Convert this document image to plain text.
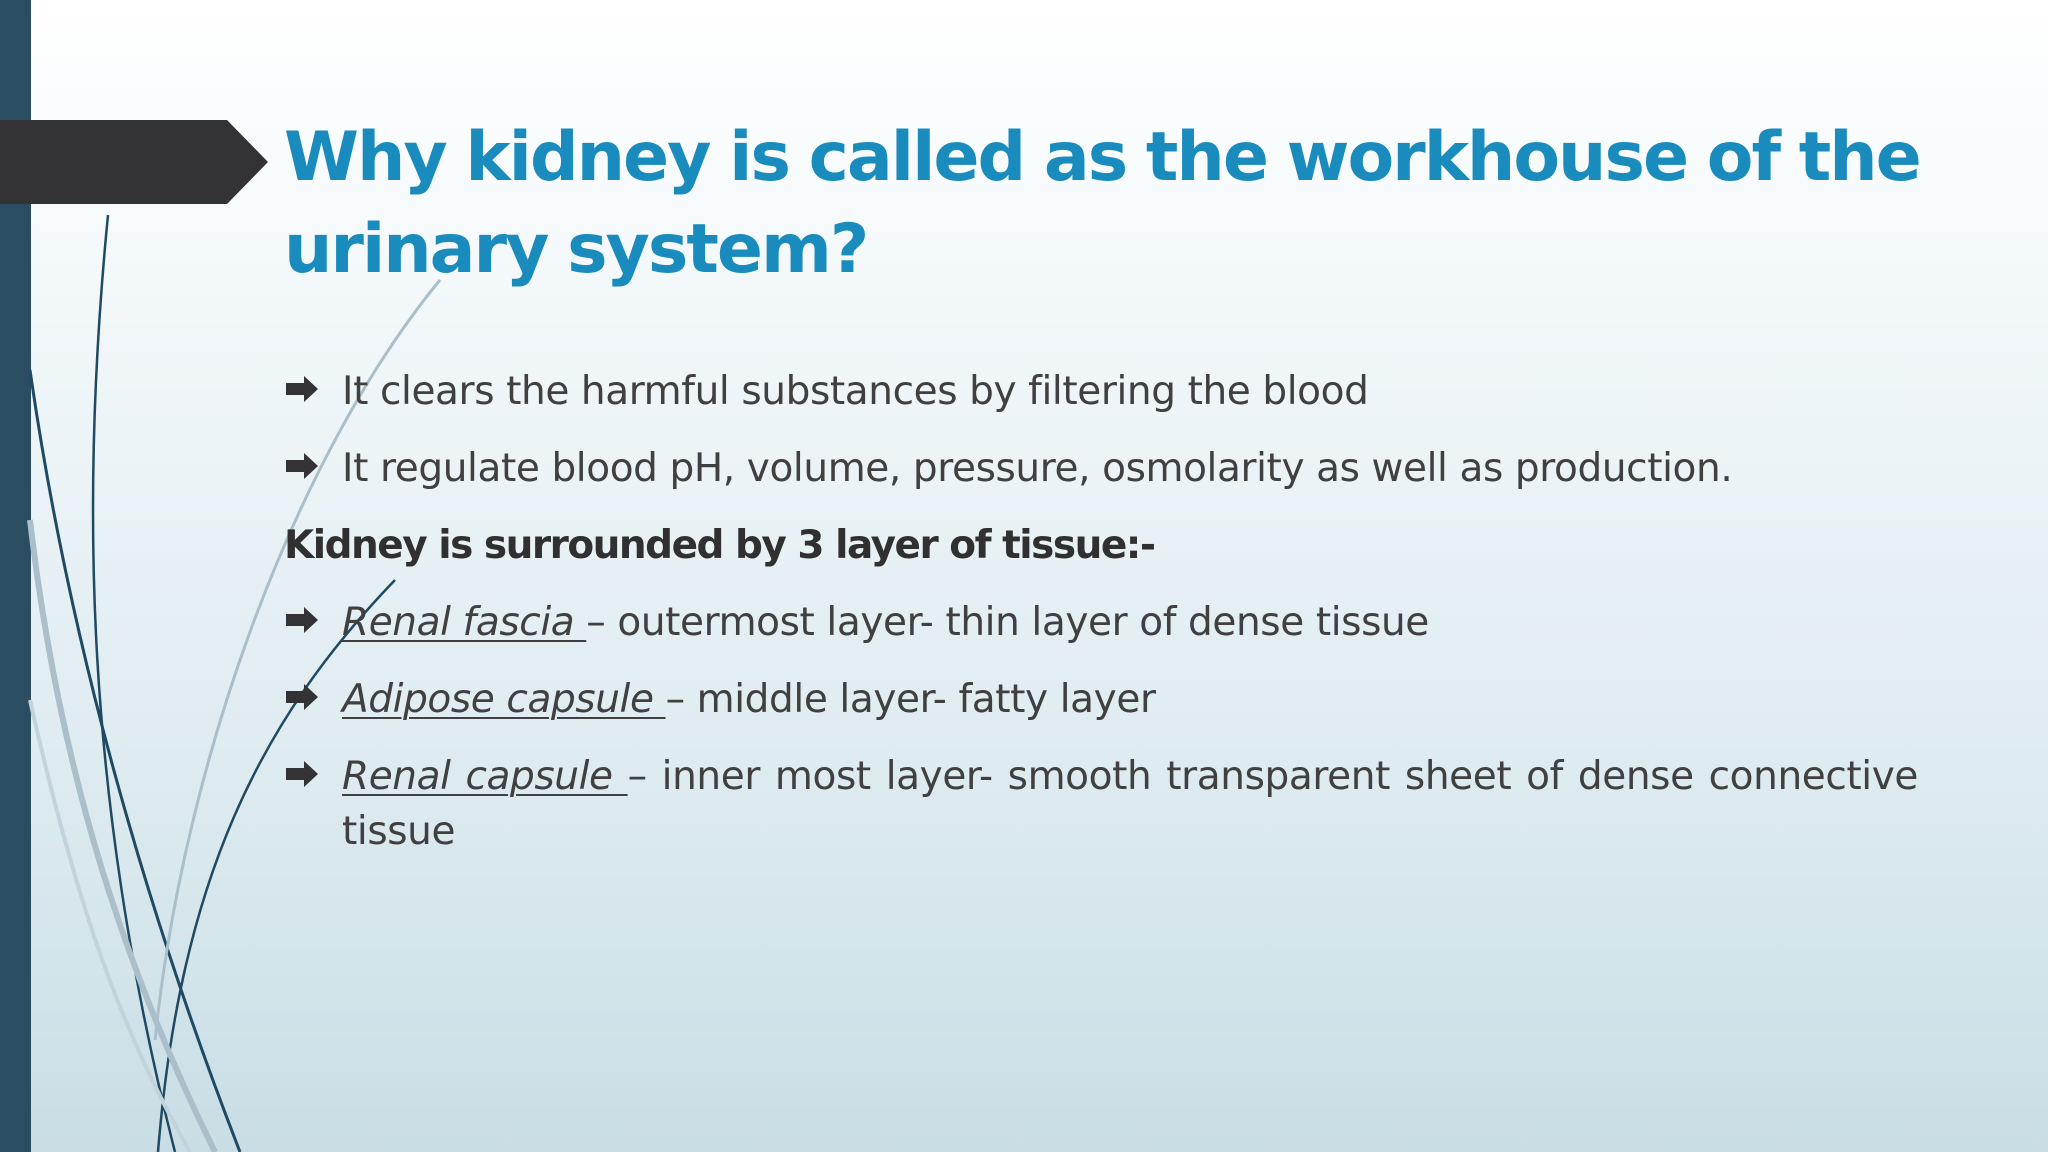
Why kidney is called as the workhouse of the urinary system?
It clears the harmful substances by filtering the blood
It regulate blood pH, volume, pressure, osmolarity as well as production.
Kidney is surrounded by 3 layer of tissue:-
Renal fascia – outermost layer- thin layer of dense tissue
Adipose capsule – middle layer- fatty layer
Renal capsule – inner most layer- smooth transparent sheet of dense connective tissue
